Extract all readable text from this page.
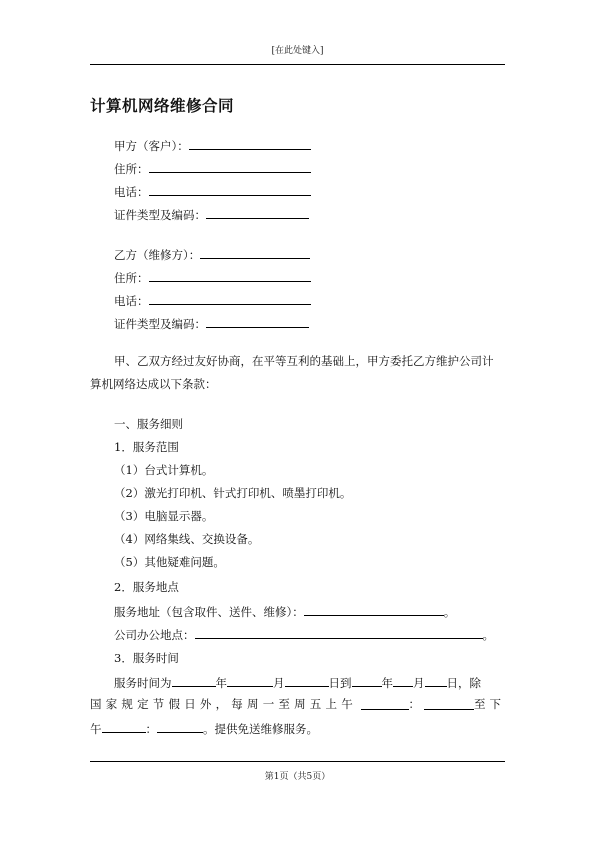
[在此处键入]
计算机网络维修合同
甲方（客户）：
住所：
电话：
证件类型及编码：
乙方（维修方）：
住所：
电话：
证件类型及编码：
甲、乙双方经过友好协商，在平等互利的基础上，甲方委托乙方维护公司计
算机网络达成以下条款：
一、服务细则
1．服务范围
（1）台式计算机。
（2）激光打印机、针式打印机、喷墨打印机。
（3）电脑显示器。
（4）网络集线、交换设备。
（5）其他疑难问题。
2．服务地点
服务地址（包含取件、送件、维修）：	。
公司办公地点：	。
3．服务时间
服务时间为	年	月	日到	年 月 日，除
国家规定节假日外，每周一至周五上午	：	至下
午	：	。提供免送维修服务。
第1页（共5页）
